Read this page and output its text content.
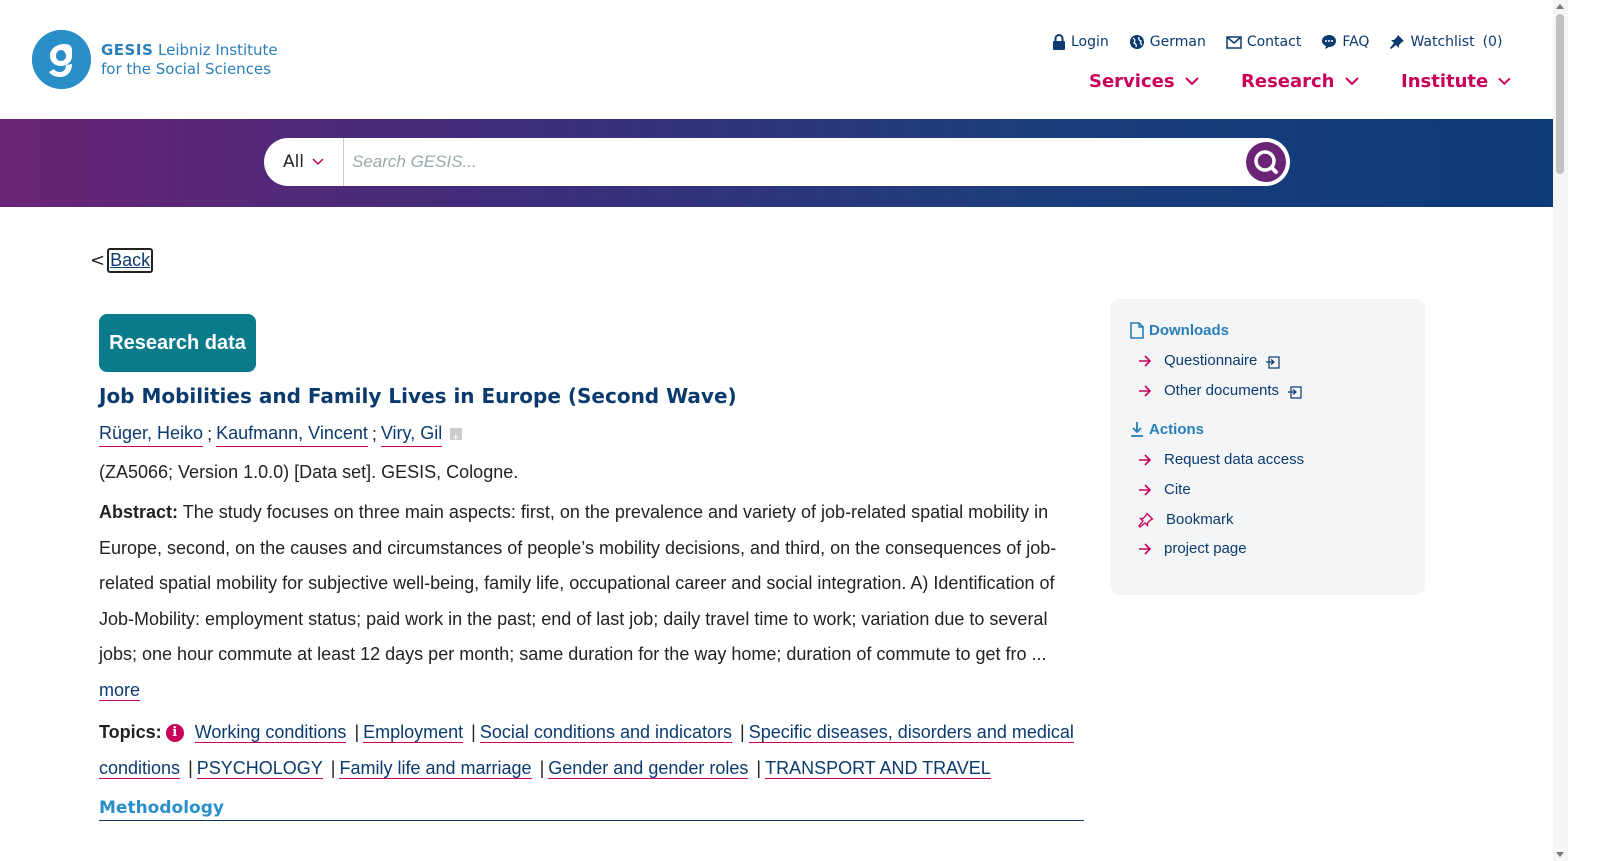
GESIS Leibniz Institute
for the Social Sciences
Login	German	Contact	FAQ	Watchlist (0)
Services	Research	Institute
All
Search GESIS...
< Back
Research data
Job Mobilities and Family Lives in Europe (Second Wave)
Rüger, Heiko ; Kaufmann, Vincent ; Viry, Gil
+
(ZA5066; Version 1.0.0) [Data set]. GESIS, Cologne.
Abstract: The study focuses on three main aspects: first, on the prevalence and variety of job-related spatial mobility in Europe, second, on the causes and circumstances of people’s mobility decisions, and third, on the consequences of job-related spatial mobility for subjective well-being, family life, occupational career and social integration. A) Identification of Job-Mobility: employment status; paid work in the past; end of last job; daily travel time to work; variation due to several jobs; one hour commute at least 12 days per month; same duration for the way home; duration of commute to get fro ... more
Topics: i Working conditions | Employment | Social conditions and indicators | Specific diseases, disorders and medical conditions | PSYCHOLOGY | Family life and marriage | Gender and gender roles | TRANSPORT AND TRAVEL
Methodology
Downloads
Questionnaire
Other documents
Actions
Request data access
Cite
Bookmark
project page
